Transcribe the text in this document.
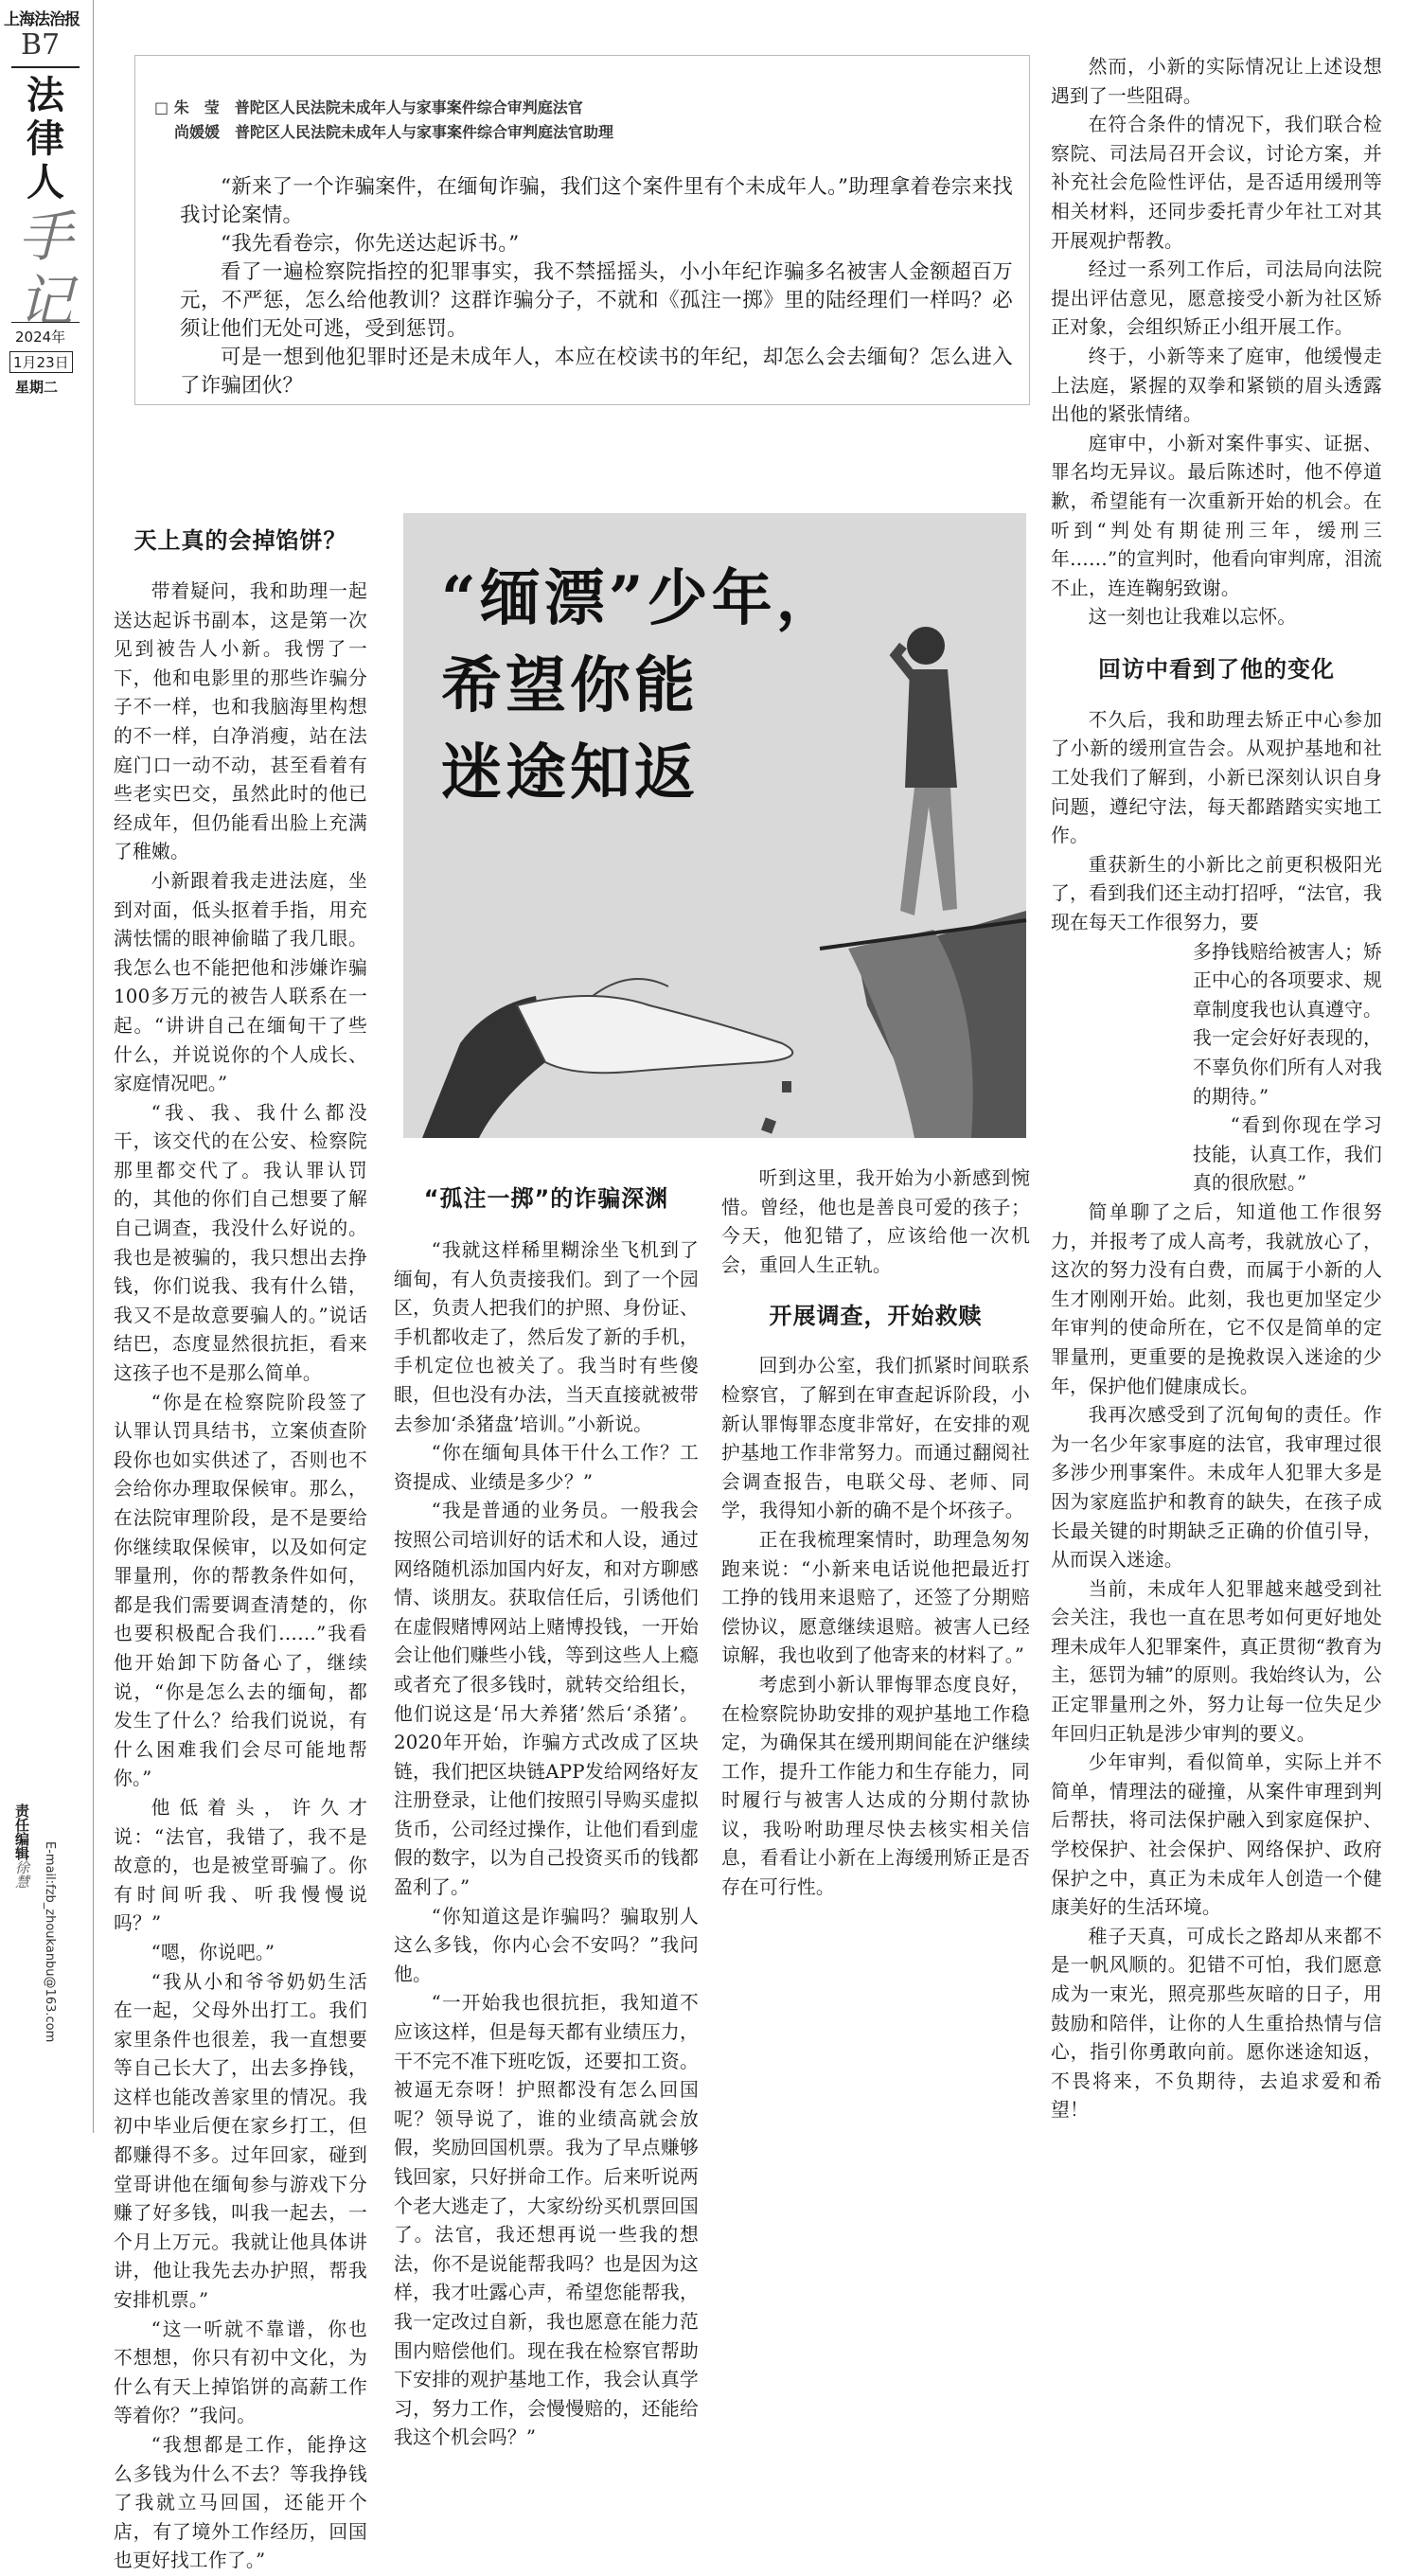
上海法治报
B7
法
律
人
手
记
2024年
1月23日
星期二
责任编辑徐慧 E-mail:fzb_zhoukanbu@163.com
□ 朱　莹　 普陀区人民法院未成年人与家事案件综合审判庭法官
尚媛媛　 普陀区人民法院未成年人与家事案件综合审判庭法官助理

“新来了一个诈骗案件，在缅甸诈骗，我们这个案件里有个未成年人。”助理拿着卷宗来找我讨论案情。

“我先看卷宗，你先送达起诉书。”

看了一遍检察院指控的犯罪事实，我不禁摇摇头，小小年纪诈骗多名被害人金额超百万元，不严惩，怎么给他教训？这群诈骗分子，不就和《孤注一掷》里的陆经理们一样吗？必须让他们无处可逃，受到惩罚。

可是一想到他犯罪时还是未成年人，本应在校读书的年纪，却怎么会去缅甸？怎么进入了诈骗团伙？

天上真的会掉馅饼？

带着疑问，我和助理一起送达起诉书副本，这是第一次见到被告人小新。我愣了一下，他和电影里的那些诈骗分子不一样，也和我脑海里构想的不一样，白净消瘦，站在法庭门口一动不动，甚至看着有些老实巴交，虽然此时的他已经成年，但仍能看出脸上充满了稚嫩。

小新跟着我走进法庭，坐到对面，低头抠着手指，用充满怯懦的眼神偷瞄了我几眼。我怎么也不能把他和涉嫌诈骗100多万元的被告人联系在一起。“讲讲自己在缅甸干了些什么，并说说你的个人成长、家庭情况吧。”

“我、我、我什么都没干，该交代的在公安、检察院那里都交代了。我认罪认罚的，其他的你们自己想要了解自己调查，我没什么好说的。我也是被骗的，我只想出去挣钱，你们说我、我有什么错，我又不是故意要骗人的。”说话结巴，态度显然很抗拒，看来这孩子也不是那么简单。

“你是在检察院阶段签了认罪认罚具结书，立案侦查阶段你也如实供述了，否则也不会给你办理取保候审。那么，在法院审理阶段，是不是要给你继续取保候审，以及如何定罪量刑，你的帮教条件如何，都是我们需要调查清楚的，你也要积极配合我们……”我看他开始卸下防备心了，继续说，“你是怎么去的缅甸，都发生了什么？给我们说说，有什么困难我们会尽可能地帮你。”

他低着头，许久才说：“法官，我错了，我不是故意的，也是被堂哥骗了。你有时间听我、听我慢慢说吗？”

“嗯，你说吧。”

“我从小和爷爷奶奶生活在一起，父母外出打工。我们家里条件也很差，我一直想要等自己长大了，出去多挣钱，这样也能改善家里的情况。我初中毕业后便在家乡打工，但都赚得不多。过年回家，碰到堂哥讲他在缅甸参与游戏下分赚了好多钱，叫我一起去，一个月上万元。我就让他具体讲讲，他让我先去办护照，帮我安排机票。”

“这一听就不靠谱，你也不想想，你只有初中文化，为什么有天上掉馅饼的高薪工作等着你？”我问。

“我想都是工作，能挣这么多钱为什么不去？等我挣钱了我就立马回国，还能开个店，有了境外工作经历，回国也更好找工作了。”

“缅漂”少年，
希望你能
迷途知返
“孤注一掷”的诈骗深渊

“我就这样稀里糊涂坐飞机到了缅甸，有人负责接我们。到了一个园区，负责人把我们的护照、身份证、手机都收走了，然后发了新的手机，手机定位也被关了。我当时有些傻眼，但也没有办法，当天直接就被带去参加‘杀猪盘’培训。”小新说。

“你在缅甸具体干什么工作？工资提成、业绩是多少？”

“我是普通的业务员。一般我会按照公司培训好的话术和人设，通过网络随机添加国内好友，和对方聊感情、谈朋友。获取信任后，引诱他们在虚假赌博网站上赌博投钱，一开始会让他们赚些小钱，等到这些人上瘾或者充了很多钱时，就转交给组长，他们说这是‘吊大养猪’然后‘杀猪’。2020年开始，诈骗方式改成了区块链，我们把区块链APP发给网络好友注册登录，让他们按照引导购买虚拟货币，公司经过操作，让他们看到虚假的数字，以为自己投资买币的钱都盈利了。”

“你知道这是诈骗吗？骗取别人这么多钱，你内心会不安吗？”我问他。

“一开始我也很抗拒，我知道不应该这样，但是每天都有业绩压力，干不完不准下班吃饭，还要扣工资。被逼无奈呀！护照都没有怎么回国呢？领导说了，谁的业绩高就会放假，奖励回国机票。我为了早点赚够钱回家，只好拼命工作。后来听说两个老大逃走了，大家纷纷买机票回国了。法官，我还想再说一些我的想法，你不是说能帮我吗？也是因为这样，我才吐露心声，希望您能帮我，我一定改过自新，我也愿意在能力范围内赔偿他们。现在我在检察官帮助下安排的观护基地工作，我会认真学习，努力工作，会慢慢赔的，还能给我这个机会吗？”

听到这里，我开始为小新感到惋惜。曾经，他也是善良可爱的孩子；今天，他犯错了，应该给他一次机会，重回人生正轨。

开展调查，开始救赎

回到办公室，我们抓紧时间联系检察官，了解到在审查起诉阶段，小新认罪悔罪态度非常好，在安排的观护基地工作非常努力。而通过翻阅社会调查报告，电联父母、老师、同学，我得知小新的确不是个坏孩子。

正在我梳理案情时，助理急匆匆跑来说：“小新来电话说他把最近打工挣的钱用来退赔了，还签了分期赔偿协议，愿意继续退赔。被害人已经谅解，我也收到了他寄来的材料了。”

考虑到小新认罪悔罪态度良好，在检察院协助安排的观护基地工作稳定，为确保其在缓刑期间能在沪继续工作，提升工作能力和生存能力，同时履行与被害人达成的分期付款协议，我吩咐助理尽快去核实相关信息，看看让小新在上海缓刑矫正是否存在可行性。

然而，小新的实际情况让上述设想遇到了一些阻碍。

在符合条件的情况下，我们联合检察院、司法局召开会议，讨论方案，并补充社会危险性评估，是否适用缓刑等相关材料，还同步委托青少年社工对其开展观护帮教。

经过一系列工作后，司法局向法院提出评估意见，愿意接受小新为社区矫正对象，会组织矫正小组开展工作。

终于，小新等来了庭审，他缓慢走上法庭，紧握的双拳和紧锁的眉头透露出他的紧张情绪。

庭审中，小新对案件事实、证据、罪名均无异议。最后陈述时，他不停道歉，希望能有一次重新开始的机会。在听到“判处有期徒刑三年，缓刑三年……”的宣判时，他看向审判席，泪流不止，连连鞠躬致谢。

这一刻也让我难以忘怀。

回访中看到了他的变化

不久后，我和助理去矫正中心参加了小新的缓刑宣告会。从观护基地和社工处我们了解到，小新已深刻认识自身问题，遵纪守法，每天都踏踏实实地工作。

重获新生的小新比之前更积极阳光了，看到我们还主动打招呼，“法官，我现在每天工作很努力，要

多挣钱赔给被害人；矫正中心的各项要求、规章制度我也认真遵守。我一定会好好表现的，不辜负你们所有人对我的期待。”

“看到你现在学习技能，认真工作，我们真的很欣慰。”

简单聊了之后，知道他工作很努力，并报考了成人高考，我就放心了，这次的努力没有白费，而属于小新的人生才刚刚开始。此刻，我也更加坚定少年审判的使命所在，它不仅是简单的定罪量刑，更重要的是挽救误入迷途的少年，保护他们健康成长。

我再次感受到了沉甸甸的责任。作为一名少年家事庭的法官，我审理过很多涉少刑事案件。未成年人犯罪大多是因为家庭监护和教育的缺失，在孩子成长最关键的时期缺乏正确的价值引导，从而误入迷途。

当前，未成年人犯罪越来越受到社会关注，我也一直在思考如何更好地处理未成年人犯罪案件，真正贯彻“教育为主，惩罚为辅”的原则。我始终认为，公正定罪量刑之外，努力让每一位失足少年回归正轨是涉少审判的要义。

少年审判，看似简单，实际上并不简单，情理法的碰撞，从案件审理到判后帮扶，将司法保护融入到家庭保护、学校保护、社会保护、网络保护、政府保护之中，真正为未成年人创造一个健康美好的生活环境。

稚子天真，可成长之路却从来都不是一帆风顺的。犯错不可怕，我们愿意成为一束光，照亮那些灰暗的日子，用鼓励和陪伴，让你的人生重拾热情与信心，指引你勇敢向前。愿你迷途知返，不畏将来，不负期待，去追求爱和希望！
